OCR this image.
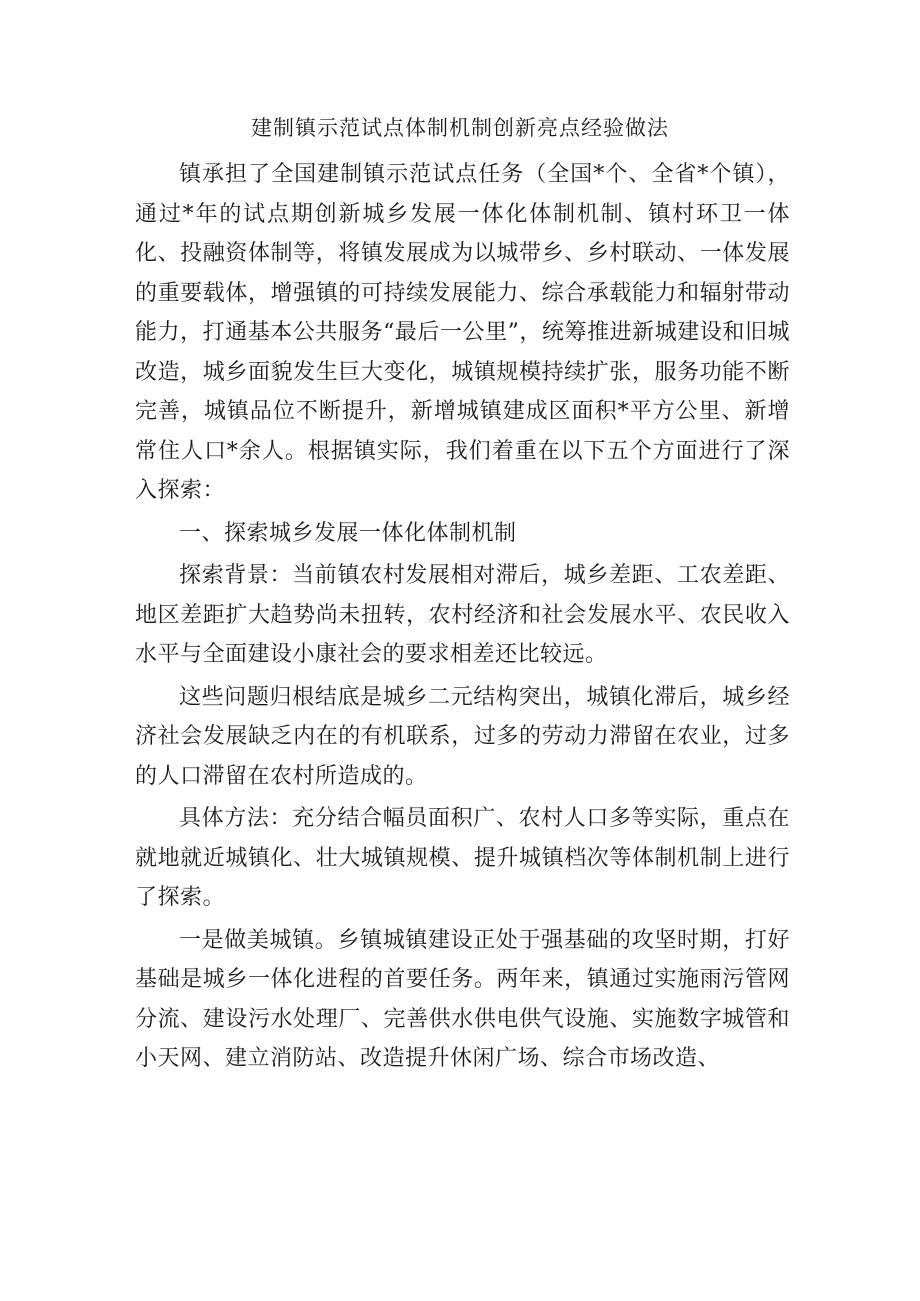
建制镇示范试点体制机制创新亮点经验做法

镇承担了全国建制镇示范试点任务（全国*个、全省*个镇），通过*年的试点期创新城乡发展一体化体制机制、镇村环卫一体化、投融资体制等，将镇发展成为以城带乡、乡村联动、一体发展的重要载体，增强镇的可持续发展能力、综合承载能力和辐射带动能力，打通基本公共服务“最后一公里”，统筹推进新城建设和旧城改造，城乡面貌发生巨大变化，城镇规模持续扩张，服务功能不断完善，城镇品位不断提升，新增城镇建成区面积*平方公里、新增常住人口*余人。根据镇实际，我们着重在以下五个方面进行了深入探索：

一、探索城乡发展一体化体制机制

探索背景：当前镇农村发展相对滞后，城乡差距、工农差距、地区差距扩大趋势尚未扭转，农村经济和社会发展水平、农民收入水平与全面建设小康社会的要求相差还比较远。

这些问题归根结底是城乡二元结构突出，城镇化滞后，城乡经济社会发展缺乏内在的有机联系，过多的劳动力滞留在农业，过多的人口滞留在农村所造成的。

具体方法：充分结合幅员面积广、农村人口多等实际，重点在就地就近城镇化、壮大城镇规模、提升城镇档次等体制机制上进行了探索。

一是做美城镇。乡镇城镇建设正处于强基础的攻坚时期，打好基础是城乡一体化进程的首要任务。两年来，镇通过实施雨污管网分流、建设污水处理厂、完善供水供电供气设施、实施数字城管和小天网、建立消防站、改造提升休闲广场、综合市场改造、
